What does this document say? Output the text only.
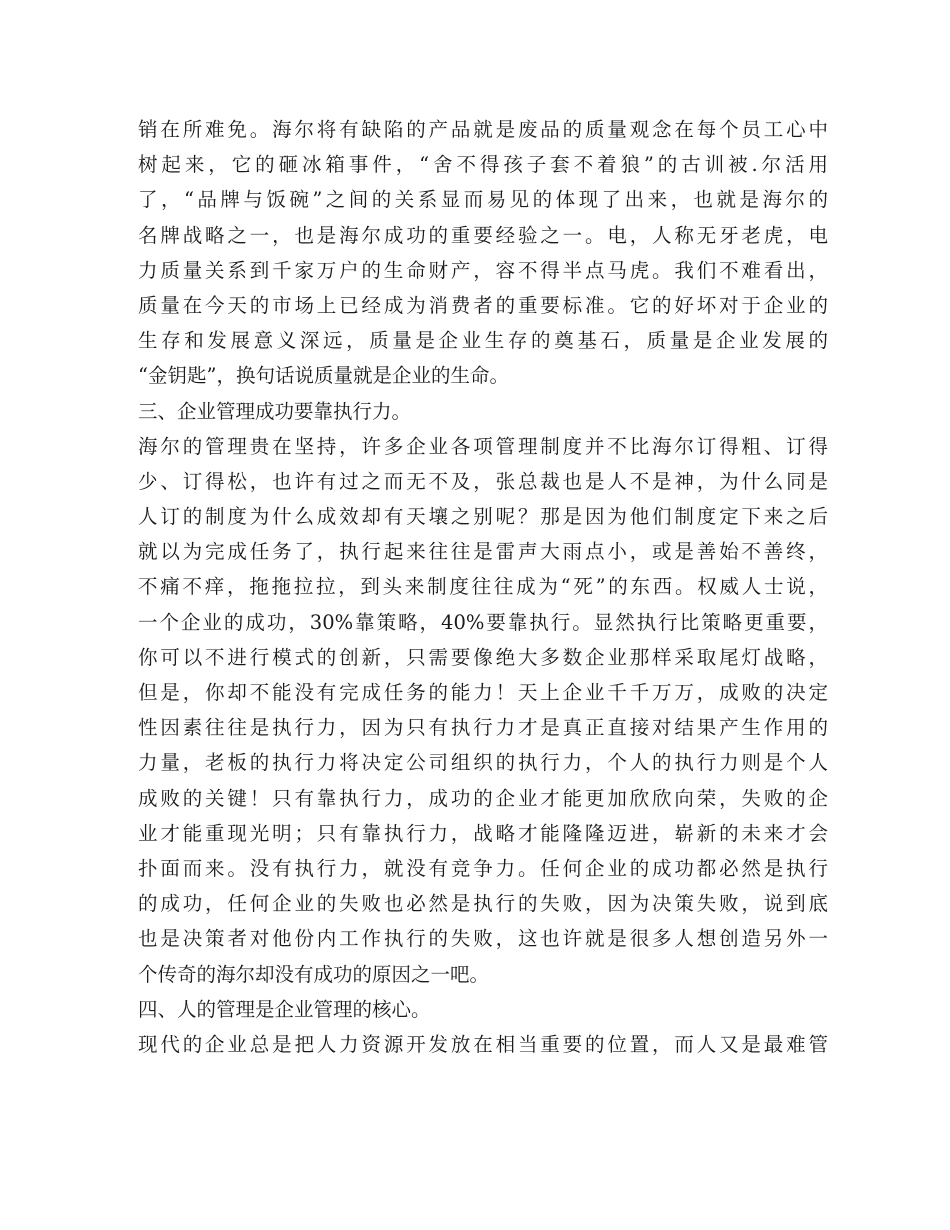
销在所难免。海尔将有缺陷的产品就是废品的质量观念在每个员工心中
树起来，它的砸冰箱事件，“舍不得孩子套不着狼”的古训被.尔活用
了，“品牌与饭碗”之间的关系显而易见的体现了出来，也就是海尔的
名牌战略之一，也是海尔成功的重要经验之一。电，人称无牙老虎，电
力质量关系到千家万户的生命财产，容不得半点马虎。我们不难看出，
质量在今天的市场上已经成为消费者的重要标准。它的好坏对于企业的
生存和发展意义深远，质量是企业生存的奠基石，质量是企业发展的
“金钥匙”，换句话说质量就是企业的生命。
三、企业管理成功要靠执行力。
海尔的管理贵在坚持，许多企业各项管理制度并不比海尔订得粗、订得
少、订得松，也许有过之而无不及，张总裁也是人不是神，为什么同是
人订的制度为什么成效却有天壤之别呢？那是因为他们制度定下来之后
就以为完成任务了，执行起来往往是雷声大雨点小，或是善始不善终，
不痛不痒，拖拖拉拉，到头来制度往往成为“死”的东西。权威人士说，
一个企业的成功，30%靠策略，40%要靠执行。显然执行比策略更重要，
你可以不进行模式的创新，只需要像绝大多数企业那样采取尾灯战略，
但是，你却不能没有完成任务的能力！天上企业千千万万，成败的决定
性因素往往是执行力，因为只有执行力才是真正直接对结果产生作用的
力量，老板的执行力将决定公司组织的执行力，个人的执行力则是个人
成败的关键！只有靠执行力，成功的企业才能更加欣欣向荣，失败的企
业才能重现光明；只有靠执行力，战略才能隆隆迈进，崭新的未来才会
扑面而来。没有执行力，就没有竞争力。任何企业的成功都必然是执行
的成功，任何企业的失败也必然是执行的失败，因为决策失败，说到底
也是决策者对他份内工作执行的失败，这也许就是很多人想创造另外一
个传奇的海尔却没有成功的原因之一吧。
四、人的管理是企业管理的核心。
现代的企业总是把人力资源开发放在相当重要的位置，而人又是最难管
